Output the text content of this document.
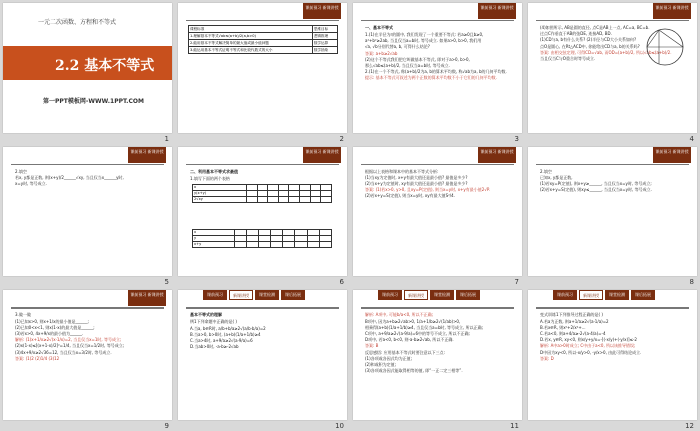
一元二次函数、方程和不等式
2.2 基本不等式
第一PPT模板网-WWW.1PPT.COM
1
课前预习 新课讲授
课程标准	思维目标
1.理解基本不等式√ab≤(a+b)/2(a,b>0)	逻辑推理
2.能用基本不等式解决简单的最大值或最小值问题	数学运算
3.能运用基本不等式证明不等式和比较代数式的大小	数学抽象
2
课前预习 新课讲授
一、基本不等式
1.(1)在半径为r的圆中, 我们发现了一个重要不等式: 若a≥0且b≥0,
a²+b²≥2ab, 当且仅当a=b时, 等号成立. 如果a>0, b>0, 我们用
√a, √b分别代替a, b, 可得什么结论?
答案: a+b≥2√ab
(2)这个不等式我们把它叫做基本不等式, 即对于a>0, b>0,
那么√ab≤(a+b)/2, 当且仅当a=b时, 等号成立.
2.(1)在一个不等式, 称(a+b)/2为a, b的算术平均数, 称√ab为a, b的几何平均数.
提示: 基本不等式可叙述为两个正数的算术平均数不小于它们的几何平均数.
3
课前预习 新课讲授
(4)如图所示, AB是圆的直径, 点C是AB上一点, AC=a, BC=b.
过点C作垂直于AB的弦DE, 连接AD, BD.
(1)CD与a, b有什么关系? (2)半径与CD大小关系如何?
点O是圆心, 在Rt△ACD中, 你能给出CD与a, b的关系吗?
答案: 由相交弦定理, 可得CD=√ab, 而OD=(a+b)/2, 所以√ab≤(a+b)/2.
当且仅当C与O重合时等号成立.
4
课前预习 新课讲授
2.填空
若x, y都是正数, 则(x+y)/2______√xy, 当且仅当x______y时,
x=y时, 等号成立.
5
课前预习 新课讲授
二、利用基本不等式求最值
1.填写下面的两个表格
x								
y(x+y)								
2√xy								
x								
y								
x+y								
6
课前预习 新课讲授
根据以上表格和课本中的基本不等式分析:
(1)当xy为定值时, x+y有最大值还是最小值? 最值是多少?
(2)当x+y为定值时, xy有最大值还是最小值? 最值是多少?
答案: (1)若x>0, y>0, 且xy=P(定值), 则当x=y时, x+y有最小值2√P.
(2)若x+y=S(定值), 则当x=y时, xy有最大值S²/4.
7
课前预习 新课讲授
2.填空
已知x, y都是正数,
(1)若xy=P(定值), 则x+y≥______, 当且仅当x=y时, 等号成立;
(2)若x+y=S(定值), 则xy≤______, 当且仅当x=y时, 等号成立.
8
课前预习 新课讲授
3.做一做
(1)已知x>0, 则x+1/x的最小值是______;
(2)已知0<x<1, 则x(1-x)的最大值是______;
(3)若x>0, 4x+9/x的最小值为______.
解析: (1)x+1/x≥2√(x·1/x)=2, 当且仅当x=1时, 等号成立;
(2)x(1-x)≤[(x+1-x)/2]²=1/4, 当且仅当x=1/2时, 等号成立;
(3)4x+9/x≥2√36=12, 当且仅当x=3/2时, 等号成立.
答案: (1)2 (2)1/4 (3)12
9
课前预习	新课讲授	课堂检测	课后拓展
基本不等式的理解
例1下列命题中正确的是( )
A.当a, b∈R时, a/b+b/a≥2√(a/b·b/a)=2
B.当a>0, b>0时, (a+b)(1/a+1/b)≥4
C.当a>4时, a+9/a≥2√(a·9/a)=6
D.当ab>0时, -a-b≥-2√ab
10
课前预习	新课讲授	课堂检测	课后拓展
解析: A项中, 可能b/a<0, 所以不正确;
B项中, 因为a+b≥2√ab>0, 1/a+1/b≥2√(1/ab)>0,
相乘得(a+b)(1/a+1/b)≥4, 当且仅当a=b时, 等号成立, 所以正确;
C项中, a+9/a≥2√(a·9/a)=6中的等号不成立, 所以不正确;
D项中, 若a<0, b<0, 则-a-b≥2√ab, 所以不正确.
答案: B
反思感悟: 应用基本不等式时要注意以下三点:
(1)各项或各因式均为正值;
(2)和或积为定值;
(3)各项或各因式能取得相等的值, 即“一正二定三相等”.
11
课前预习	新课讲授	课堂检测	课后拓展
变式训练1下列推导过程正确的是( )
A.若a为正数, 则a+1/a≥2√(a·1/a)=2
B.若x∈R, 则x²+2/x²+...
C.若a<0, 则a+4/a≥-2√(a·4/a)=-4
D.若x, y∈R, xy<0, 则x/y+y/x=-[(-x/y)+(-y/x)]≤-2
解析: A中a>0时成立; C中由于a<0, 所以该推导错误;
D中因为xy<0, 所以-x/y>0, -y/x>0, 由此可得结论成立.
答案: D
12
